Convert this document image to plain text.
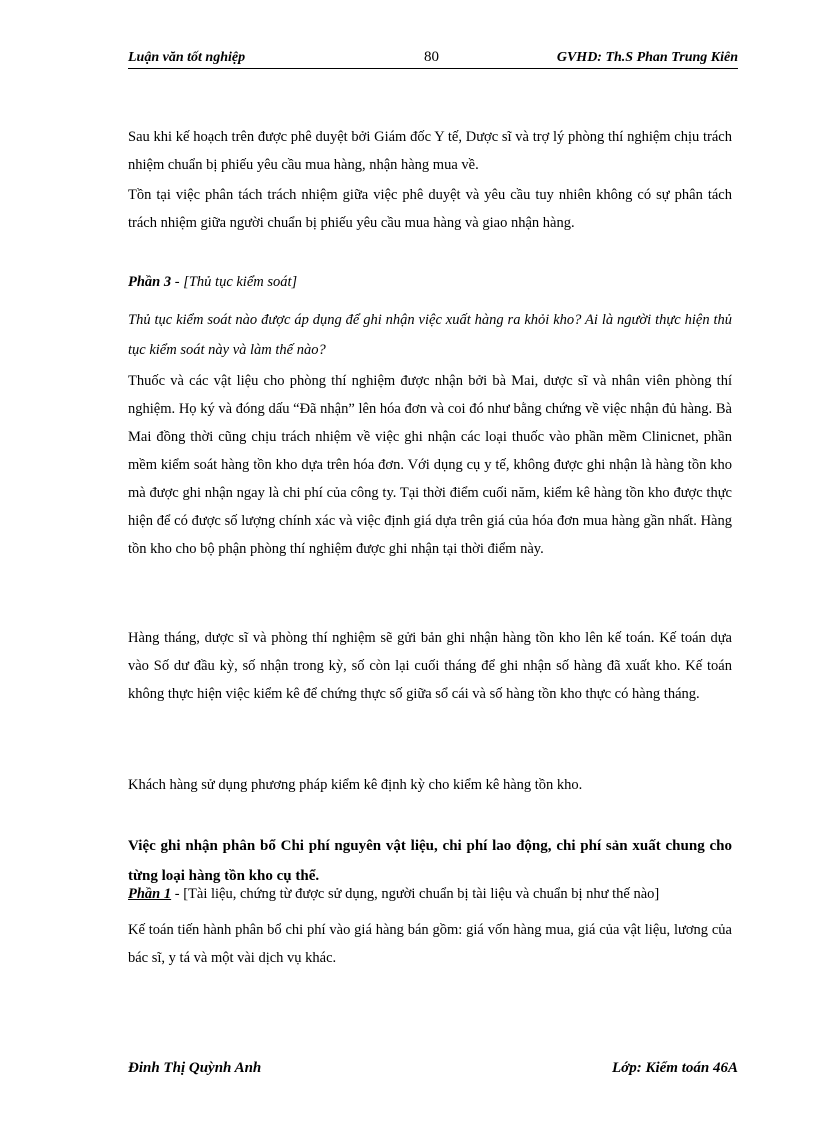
Luận văn tốt nghiệp	80	GVHD: Th.S Phan Trung Kiên

Sau khi kế hoạch trên được phê duyệt bởi Giám đốc Y tế, Dược sĩ và trợ lý phòng thí nghiệm chịu trách nhiệm chuẩn bị phiếu yêu cầu mua hàng, nhận hàng mua về.

Tồn tại việc phân tách trách nhiệm giữa việc phê duyệt và yêu cầu tuy nhiên không có sự phân tách trách nhiệm giữa người chuẩn bị phiếu yêu cầu mua hàng và giao nhận hàng.

Phần 3 - [Thủ tục kiểm soát]
Thủ tục kiểm soát nào được áp dụng để ghi nhận việc xuất hàng ra khỏi kho? Ai là người thực hiện thủ tục kiểm soát này và làm thế nào?

Thuốc và các vật liệu cho phòng thí nghiệm được nhận bởi bà Mai, dược sĩ và nhân viên phòng thí nghiệm. Họ ký và đóng dấu “Đã nhận” lên hóa đơn và coi đó như bằng chứng về việc nhận đủ hàng. Bà Mai đồng thời cũng chịu trách nhiệm về việc ghi nhận các loại thuốc vào phần mềm Clinicnet, phần mềm kiểm soát hàng tồn kho dựa trên hóa đơn. Với dụng cụ y tế, không được ghi nhận là hàng tồn kho mà được ghi nhận ngay là chi phí của công ty. Tại thời điểm cuối năm, kiểm kê hàng tồn kho được thực hiện để có được số lượng chính xác và việc định giá dựa trên giá của hóa đơn mua hàng gần nhất. Hàng tồn kho cho bộ phận phòng thí nghiệm được ghi nhận tại thời điểm này.

Hàng tháng, dược sĩ và phòng thí nghiệm sẽ gửi bản ghi nhận hàng tồn kho lên kế toán. Kế toán dựa vào Số dư đầu kỳ, số nhận trong kỳ, số còn lại cuối tháng để ghi nhận số hàng đã xuất kho. Kế toán không thực hiện việc kiểm kê để chứng thực số giữa sổ cái và số hàng tồn kho thực có hàng tháng.

Khách hàng sử dụng phương pháp kiểm kê định kỳ cho kiểm kê hàng tồn kho.

Việc ghi nhận phân bổ Chi phí nguyên vật liệu, chi phí lao động, chi phí sản xuất chung cho từng loại hàng tồn kho cụ thể.
Phần 1 - [Tài liệu, chứng từ được sử dụng, người chuẩn bị tài liệu và chuẩn bị như thế nào]

Kế toán tiến hành phân bổ chi phí vào giá hàng bán gồm: giá vốn hàng mua, giá của vật liệu, lương của bác sĩ, y tá và một vài dịch vụ khác.

Đinh Thị Quỳnh Anh	Lớp: Kiểm toán 46A
